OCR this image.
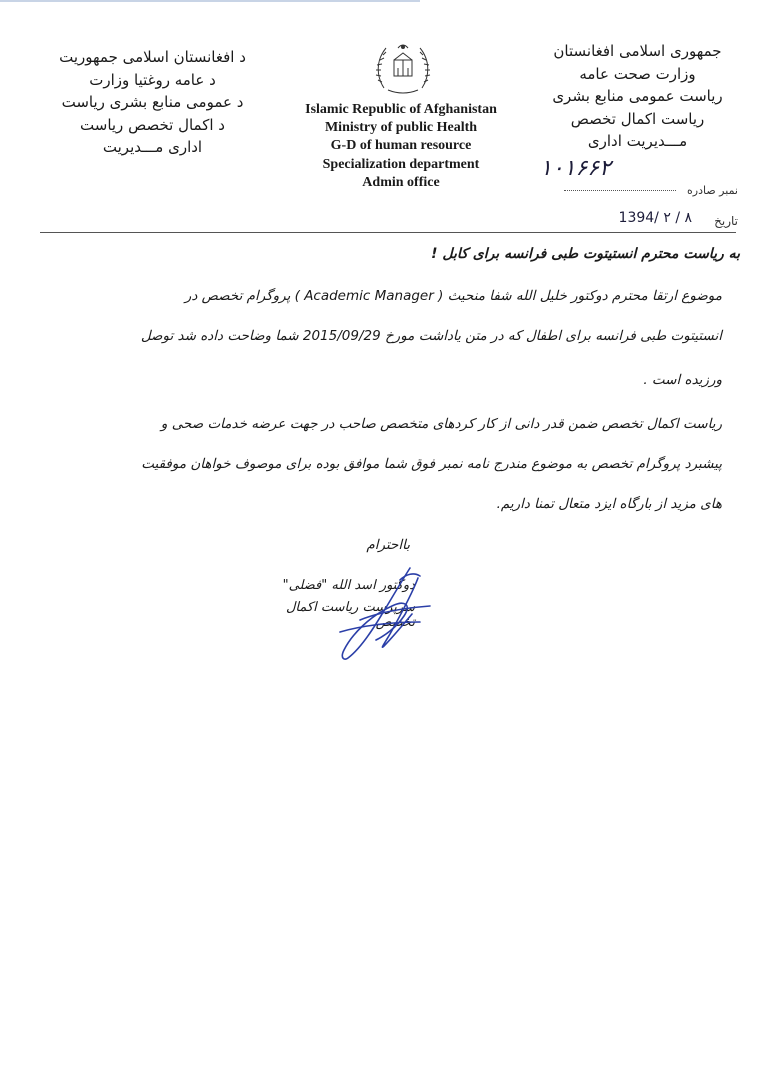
د افغانستان اسلامی جمهوریت
د عامه روغتیا وزارت
د عمومی منابع بشری ریاست
د اکمال تخصص ریاست
اداری مـــدیریت
Islamic Republic of Afghanistan
Ministry of public Health
G-D of human resource
Specialization department
Admin office
جمهوری اسلامی افغانستان
وزارت صحت عامه
ریاست عمومی منابع بشری
ریاست اکمال تخصص
مـــدیریت اداری
نمبر صادره
۱۰۱۶۶۲
تاریخ
1394/ ۲ / ۸
به ریاست محترم انستیتوت طبی فرانسه برای کابل !
موضوع ارتقا محترم دوکتور خلیل الله شفا منحیث ( Academic Manager ) پروگرام تخصص در
انستیتوت طبی فرانسه برای اطفال که در متن یاداشت مورخ 2015/09/29 شما وضاحت داده شد توصل
ورزیده است .
ریاست اکمال تخصص ضمن قدر دانی از کار کردهای متخصص صاحب در جهت عرضه خدمات صحی و
پیشبرد پروگرام تخصص به موضوع مندرج نامه نمبر فوق شما موافق بوده برای موصوف خواهان موفقیت
های مزید از بارگاه ایزد متعال تمنا داریم.
بااحترام
دوکتور اسد الله "فضلی"
سرپرست ریاست اکمال تخصص
